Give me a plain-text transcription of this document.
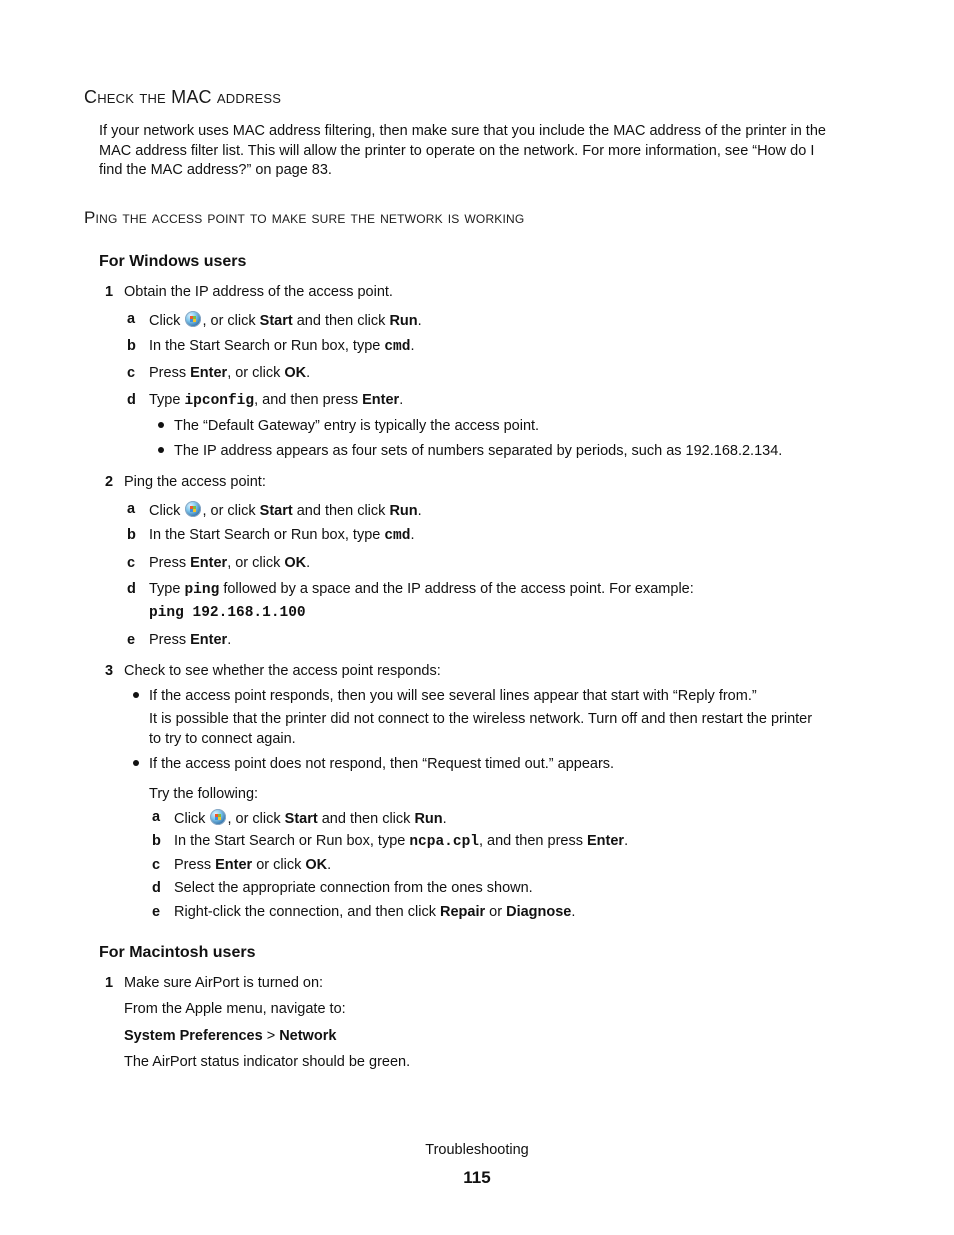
Check the MAC address
If your network uses MAC address filtering, then make sure that you include the MAC address of the printer in the
MAC address filter list. This will allow the printer to operate on the network. For more information, see “How do I
find the MAC address?” on page 83.
Ping the access point to make sure the network is working
For Windows users
1 Obtain the IP address of the access point.
a Click , or click Start and then click Run.
b In the Start Search or Run box, type cmd.
c Press Enter, or click OK.
d Type ipconfig, and then press Enter.
The “Default Gateway” entry is typically the access point.
The IP address appears as four sets of numbers separated by periods, such as 192.168.2.134.
2 Ping the access point:
a Click , or click Start and then click Run.
b In the Start Search or Run box, type cmd.
c Press Enter, or click OK.
d Type ping followed by a space and the IP address of the access point. For example:
ping 192.168.1.100
e Press Enter.
3 Check to see whether the access point responds:
If the access point responds, then you will see several lines appear that start with “Reply from.”
It is possible that the printer did not connect to the wireless network. Turn off and then restart the printer
to try to connect again.
If the access point does not respond, then “Request timed out.” appears.
Try the following:
a Click , or click Start and then click Run.
b In the Start Search or Run box, type ncpa.cpl, and then press Enter.
c Press Enter or click OK.
d Select the appropriate connection from the ones shown.
e Right-click the connection, and then click Repair or Diagnose.
For Macintosh users
1 Make sure AirPort is turned on:
From the Apple menu, navigate to:
System Preferences > Network
The AirPort status indicator should be green.
Troubleshooting
115
